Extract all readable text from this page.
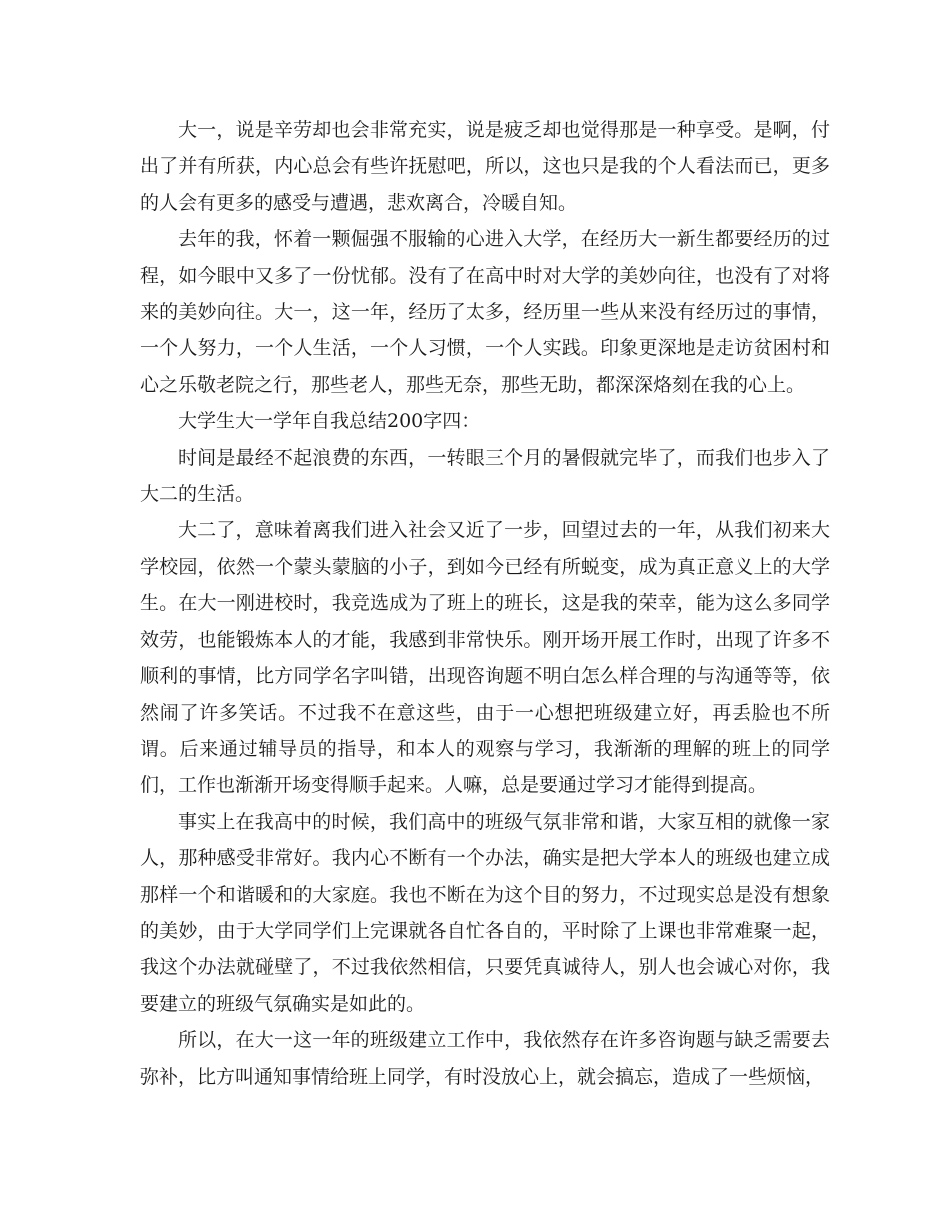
大一，说是辛劳却也会非常充实，说是疲乏却也觉得那是一种享受。是啊，付出了并有所获，内心总会有些许抚慰吧，所以，这也只是我的个人看法而已，更多的人会有更多的感受与遭遇，悲欢离合，冷暖自知。

去年的我，怀着一颗倔强不服输的心进入大学，在经历大一新生都要经历的过程，如今眼中又多了一份忧郁。没有了在高中时对大学的美妙向往，也没有了对将来的美妙向往。大一，这一年，经历了太多，经历里一些从来没有经历过的事情，一个人努力，一个人生活，一个人习惯，一个人实践。印象更深地是走访贫困村和心之乐敬老院之行，那些老人，那些无奈，那些无助，都深深烙刻在我的心上。

大学生大一学年自我总结200字四：

时间是最经不起浪费的东西，一转眼三个月的暑假就完毕了，而我们也步入了大二的生活。

大二了，意味着离我们进入社会又近了一步，回望过去的一年，从我们初来大学校园，依然一个蒙头蒙脑的小子，到如今已经有所蜕变，成为真正意义上的大学生。在大一刚进校时，我竞选成为了班上的班长，这是我的荣幸，能为这么多同学效劳，也能锻炼本人的才能，我感到非常快乐。刚开场开展工作时，出现了许多不顺利的事情，比方同学名字叫错，出现咨询题不明白怎么样合理的与沟通等等，依然闹了许多笑话。不过我不在意这些，由于一心想把班级建立好，再丢脸也不所谓。后来通过辅导员的指导，和本人的观察与学习，我渐渐的理解的班上的同学们，工作也渐渐开场变得顺手起来。人嘛，总是要通过学习才能得到提高。

事实上在我高中的时候，我们高中的班级气氛非常和谐，大家互相的就像一家人，那种感受非常好。我内心不断有一个办法，确实是把大学本人的班级也建立成那样一个和谐暖和的大家庭。我也不断在为这个目的努力，不过现实总是没有想象的美妙，由于大学同学们上完课就各自忙各自的，平时除了上课也非常难聚一起，我这个办法就碰壁了，不过我依然相信，只要凭真诚待人，别人也会诚心对你，我要建立的班级气氛确实是如此的。

所以，在大一这一年的班级建立工作中，我依然存在许多咨询题与缺乏需要去弥补，比方叫通知事情给班上同学，有时没放心上，就会搞忘，造成了一些烦恼，
